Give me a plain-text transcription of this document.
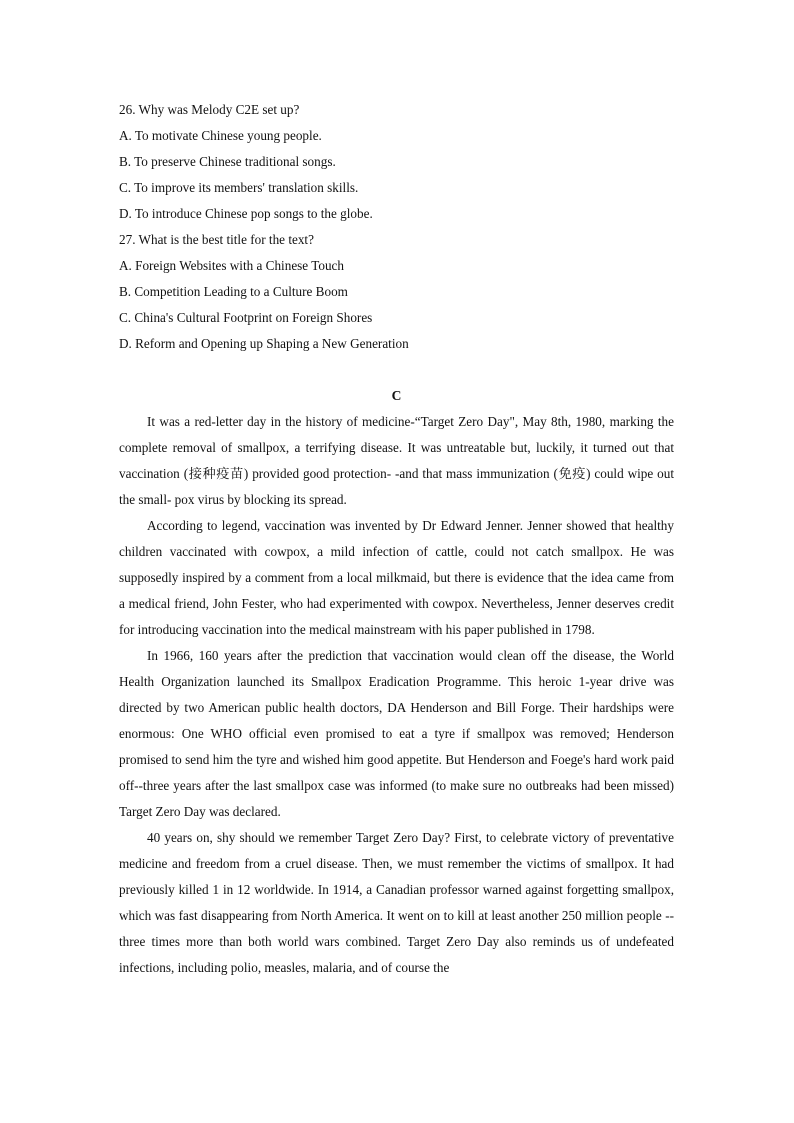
26. Why was Melody C2E set up?
A. To motivate Chinese young people.
B. To preserve Chinese traditional songs.
C. To improve its members' translation skills.
D. To introduce Chinese pop songs to the globe.
27. What is the best title for the text?
A. Foreign Websites with a Chinese Touch
B. Competition Leading to a Culture Boom
C. China's Cultural Footprint on Foreign Shores
D. Reform and Opening up Shaping a New Generation
C

It was a red-letter day in the history of medicine-“Target Zero Day", May 8th, 1980, marking the complete removal of smallpox, a terrifying disease. It was untreatable but, luckily, it turned out that vaccination (接种疫苗) provided good protection- -and that mass immunization (免疫) could wipe out the small- pox virus by blocking its spread.

According to legend, vaccination was invented by Dr Edward Jenner. Jenner showed that healthy children vaccinated with cowpox, a mild infection of cattle, could not catch smallpox. He was supposedly inspired by a comment from a local milkmaid, but there is evidence that the idea came from a medical friend, John Fester, who had experimented with cowpox. Nevertheless, Jenner deserves credit for introducing vaccination into the medical mainstream with his paper published in 1798.

In 1966, 160 years after the prediction that vaccination would clean off the disease, the World Health Organization launched its Smallpox Eradication Programme. This heroic 1-year drive was directed by two American public health doctors, DA Henderson and Bill Forge. Their hardships were enormous: One WHO official even promised to eat a tyre if smallpox was removed; Henderson promised to send him the tyre and wished him good appetite. But Henderson and Foege's hard work paid off--three years after the last smallpox case was informed (to make sure no outbreaks had been missed) Target Zero Day was declared.

40 years on, shy should we remember Target Zero Day? First, to celebrate victory of preventative medicine and freedom from a cruel disease. Then, we must remember the victims of smallpox. It had previously killed 1 in 12 worldwide. In 1914, a Canadian professor warned against forgetting smallpox, which was fast disappearing from North America. It went on to kill at least another 250 million people -- three times more than both world wars combined. Target Zero Day also reminds us of undefeated infections, including polio, measles, malaria, and of course the
